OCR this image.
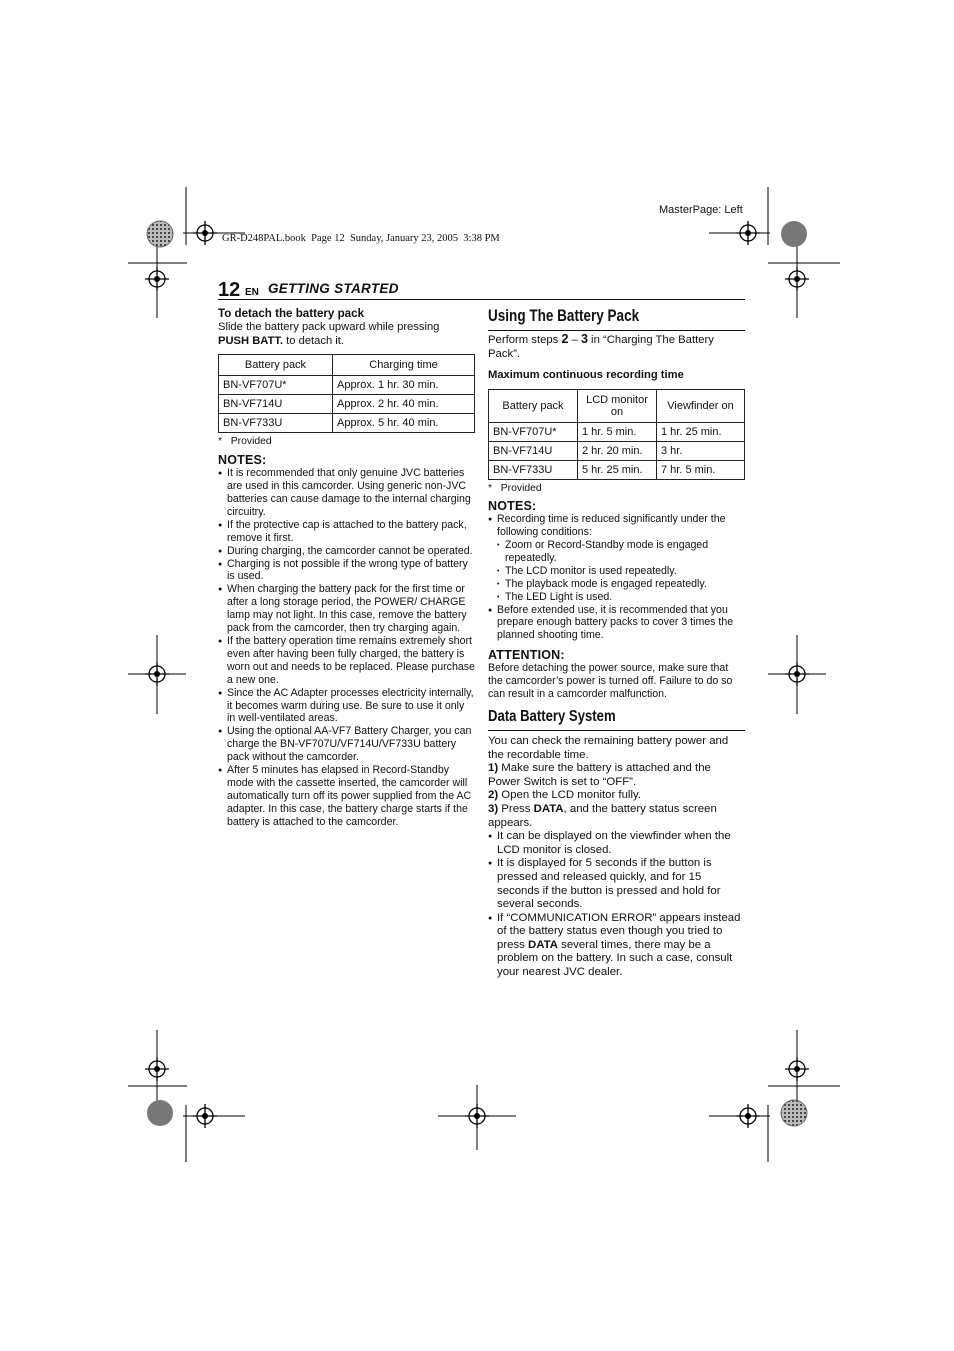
MasterPage: Left
GR-D248PAL.book  Page 12  Sunday, January 23, 2005  3:38 PM
12 EN GETTING STARTED
To detach the battery pack
Slide the battery pack upward while pressing
PUSH BATT. to detach it.
Battery pack	Charging time
BN-VF707U*	Approx. 1 hr. 30 min.
BN-VF714U	Approx. 2 hr. 40 min.
BN-VF733U	Approx. 5 hr. 40 min.
*   Provided
NOTES:
● It is recommended that only genuine JVC batteries are used in this camcorder. Using generic non-JVC batteries can cause damage to the internal charging circuitry.
● If the protective cap is attached to the battery pack, remove it first.
● During charging, the camcorder cannot be operated.
● Charging is not possible if the wrong type of battery is used.
● When charging the battery pack for the first time or after a long storage period, the POWER/ CHARGE lamp may not light. In this case, remove the battery pack from the camcorder, then try charging again.
● If the battery operation time remains extremely short even after having been fully charged, the battery is worn out and needs to be replaced. Please purchase a new one.
● Since the AC Adapter processes electricity internally, it becomes warm during use. Be sure to use it only in well-ventilated areas.
● Using the optional AA-VF7 Battery Charger, you can charge the BN-VF707U/VF714U/VF733U battery pack without the camcorder.
● After 5 minutes has elapsed in Record-Standby mode with the cassette inserted, the camcorder will automatically turn off its power supplied from the AC adapter. In this case, the battery charge starts if the battery is attached to the camcorder.
Using The Battery Pack
Perform steps 2 – 3 in “Charging The Battery Pack”.
Maximum continuous recording time
Battery pack	LCD monitor on	Viewfinder on
BN-VF707U*	1 hr. 5 min.	1 hr. 25 min.
BN-VF714U	2 hr. 20 min.	3 hr.
BN-VF733U	5 hr. 25 min.	7 hr. 5 min.
*   Provided
NOTES:
● Recording time is reduced significantly under the following conditions:
• Zoom or Record-Standby mode is engaged repeatedly.
• The LCD monitor is used repeatedly.
• The playback mode is engaged repeatedly.
• The LED Light is used.
● Before extended use, it is recommended that you prepare enough battery packs to cover 3 times the planned shooting time.
ATTENTION:
Before detaching the power source, make sure that the camcorder’s power is turned off. Failure to do so can result in a camcorder malfunction.
Data Battery System
You can check the remaining battery power and the recordable time.
1) Make sure the battery is attached and the Power Switch is set to “OFF”.
2) Open the LCD monitor fully.
3) Press DATA, and the battery status screen appears.
● It can be displayed on the viewfinder when the LCD monitor is closed.
● It is displayed for 5 seconds if the button is pressed and released quickly, and for 15 seconds if the button is pressed and hold for several seconds.
● If “COMMUNICATION ERROR” appears instead of the battery status even though you tried to press DATA several times, there may be a problem on the battery. In such a case, consult your nearest JVC dealer.
